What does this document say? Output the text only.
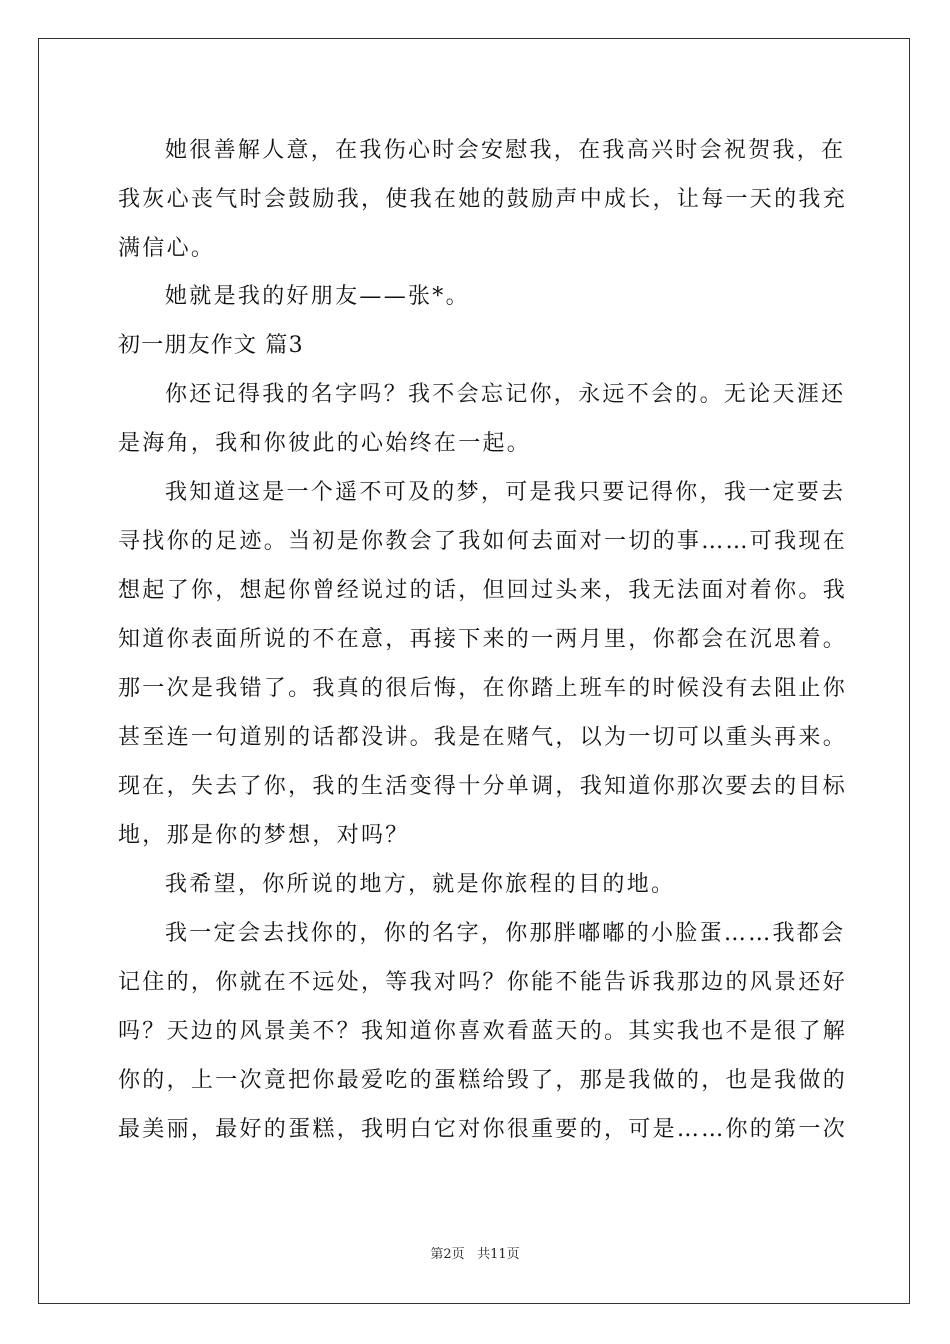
她很善解人意，在我伤心时会安慰我，在我高兴时会祝贺我，在
我灰心丧气时会鼓励我，使我在她的鼓励声中成长，让每一天的我充
满信心。
她就是我的好朋友——张*。
初一朋友作文 篇3
你还记得我的名字吗？我不会忘记你，永远不会的。无论天涯还
是海角，我和你彼此的心始终在一起。
我知道这是一个遥不可及的梦，可是我只要记得你，我一定要去
寻找你的足迹。当初是你教会了我如何去面对一切的事……可我现在
想起了你，想起你曾经说过的话，但回过头来，我无法面对着你。我
知道你表面所说的不在意，再接下来的一两月里，你都会在沉思着。
那一次是我错了。我真的很后悔，在你踏上班车的时候没有去阻止你
甚至连一句道别的话都没讲。我是在赌气，以为一切可以重头再来。
现在，失去了你，我的生活变得十分单调，我知道你那次要去的目标
地，那是你的梦想，对吗？
我希望，你所说的地方，就是你旅程的目的地。
我一定会去找你的，你的名字，你那胖嘟嘟的小脸蛋……我都会
记住的，你就在不远处，等我对吗？你能不能告诉我那边的风景还好
吗？天边的风景美不？我知道你喜欢看蓝天的。其实我也不是很了解
你的，上一次竟把你最爱吃的蛋糕给毁了，那是我做的，也是我做的
最美丽，最好的蛋糕，我明白它对你很重要的，可是……你的第一次
第2页 共11页
